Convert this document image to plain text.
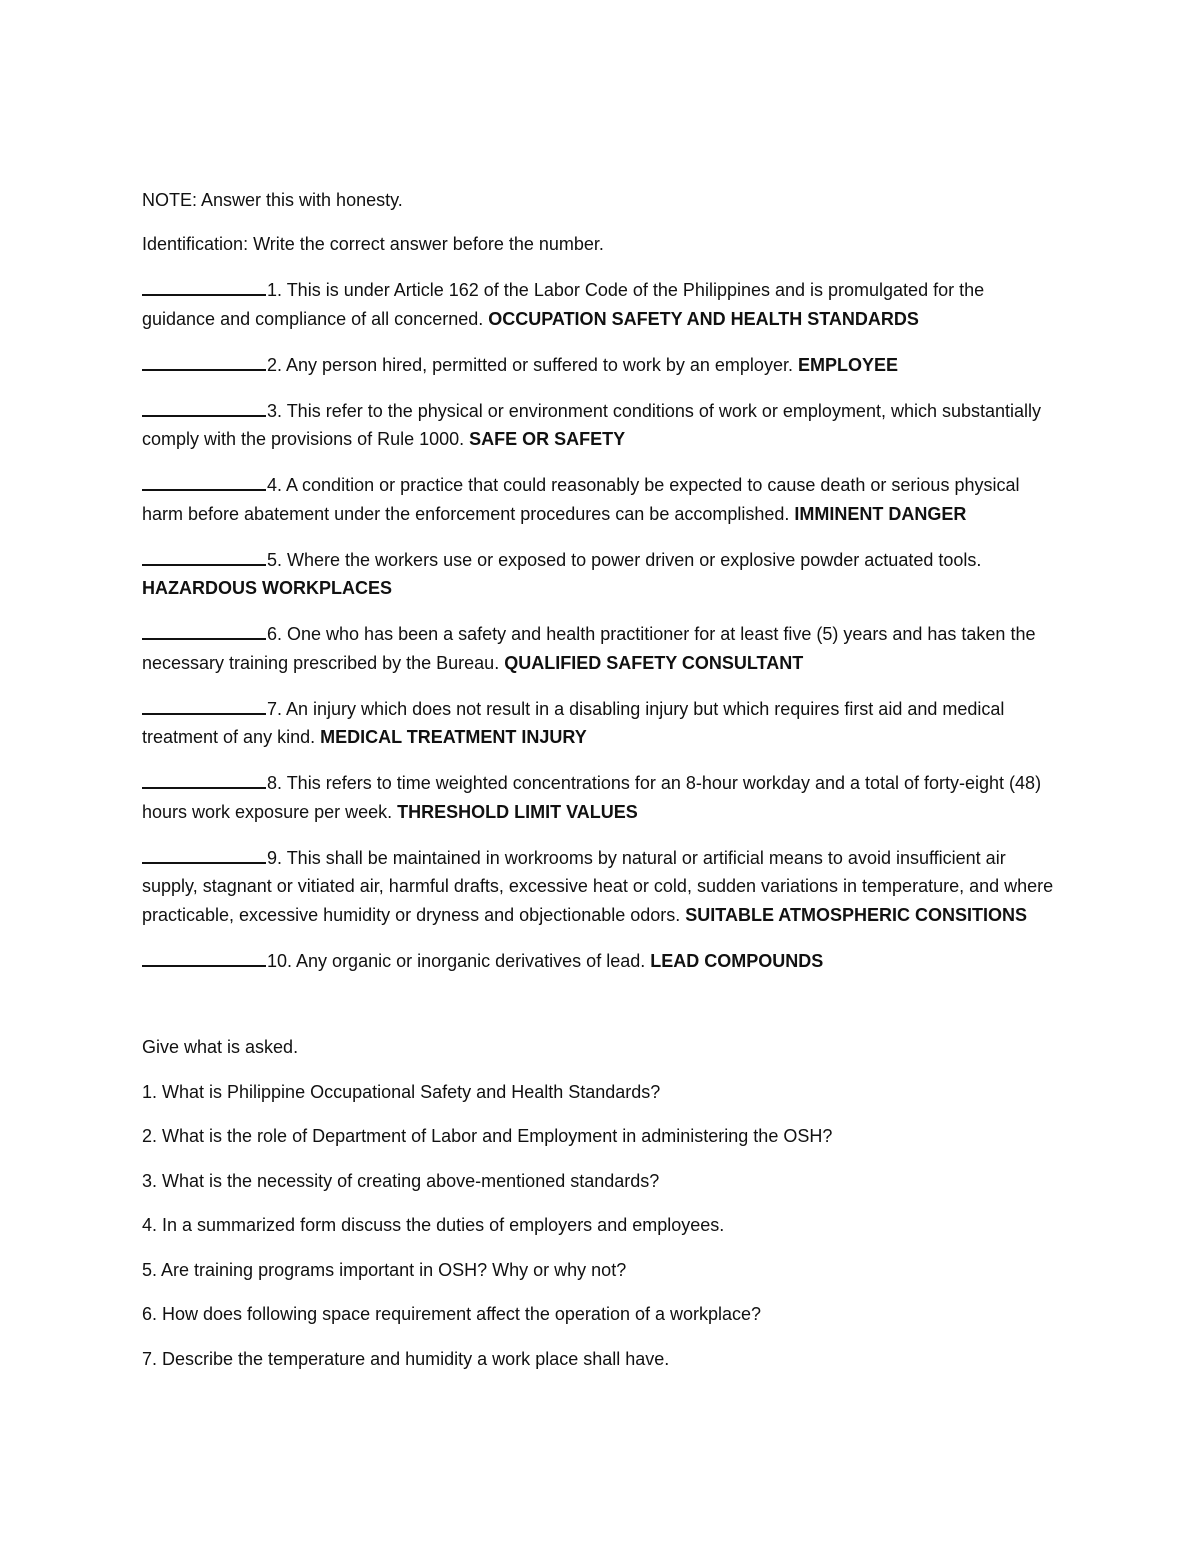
NOTE: Answer this with honesty.

Identification: Write the correct answer before the number.

1. This is under Article 162 of the Labor Code of the Philippines and is promulgated for the guidance and compliance of all concerned. OCCUPATION SAFETY AND HEALTH STANDARDS

2. Any person hired, permitted or suffered to work by an employer. EMPLOYEE

3. This refer to the physical or environment conditions of work or employment, which substantially comply with the provisions of Rule 1000. SAFE OR SAFETY

4. A condition or practice that could reasonably be expected to cause death or serious physical harm before abatement under the enforcement procedures can be accomplished. IMMINENT DANGER

5. Where the workers use or exposed to power driven or explosive powder actuated tools. HAZARDOUS WORKPLACES

6. One who has been a safety and health practitioner for at least five (5) years and has taken the necessary training prescribed by the Bureau. QUALIFIED SAFETY CONSULTANT

7. An injury which does not result in a disabling injury but which requires first aid and medical treatment of any kind. MEDICAL TREATMENT INJURY

8. This refers to time weighted concentrations for an 8-hour workday and a total of forty-eight (48) hours work exposure per week. THRESHOLD LIMIT VALUES

9. This shall be maintained in workrooms by natural or artificial means to avoid insufficient air supply, stagnant or vitiated air, harmful drafts, excessive heat or cold, sudden variations in temperature, and where practicable, excessive humidity or dryness and objectionable odors. SUITABLE ATMOSPHERIC CONSITIONS

10. Any organic or inorganic derivatives of lead. LEAD COMPOUNDS

Give what is asked.

1. What is Philippine Occupational Safety and Health Standards?

2. What is the role of Department of Labor and Employment in administering the OSH?

3. What is the necessity of creating above-mentioned standards?

4. In a summarized form discuss the duties of employers and employees.

5. Are training programs important in OSH? Why or why not?

6. How does following space requirement affect the operation of a workplace?

7. Describe the temperature and humidity a work place shall have.
